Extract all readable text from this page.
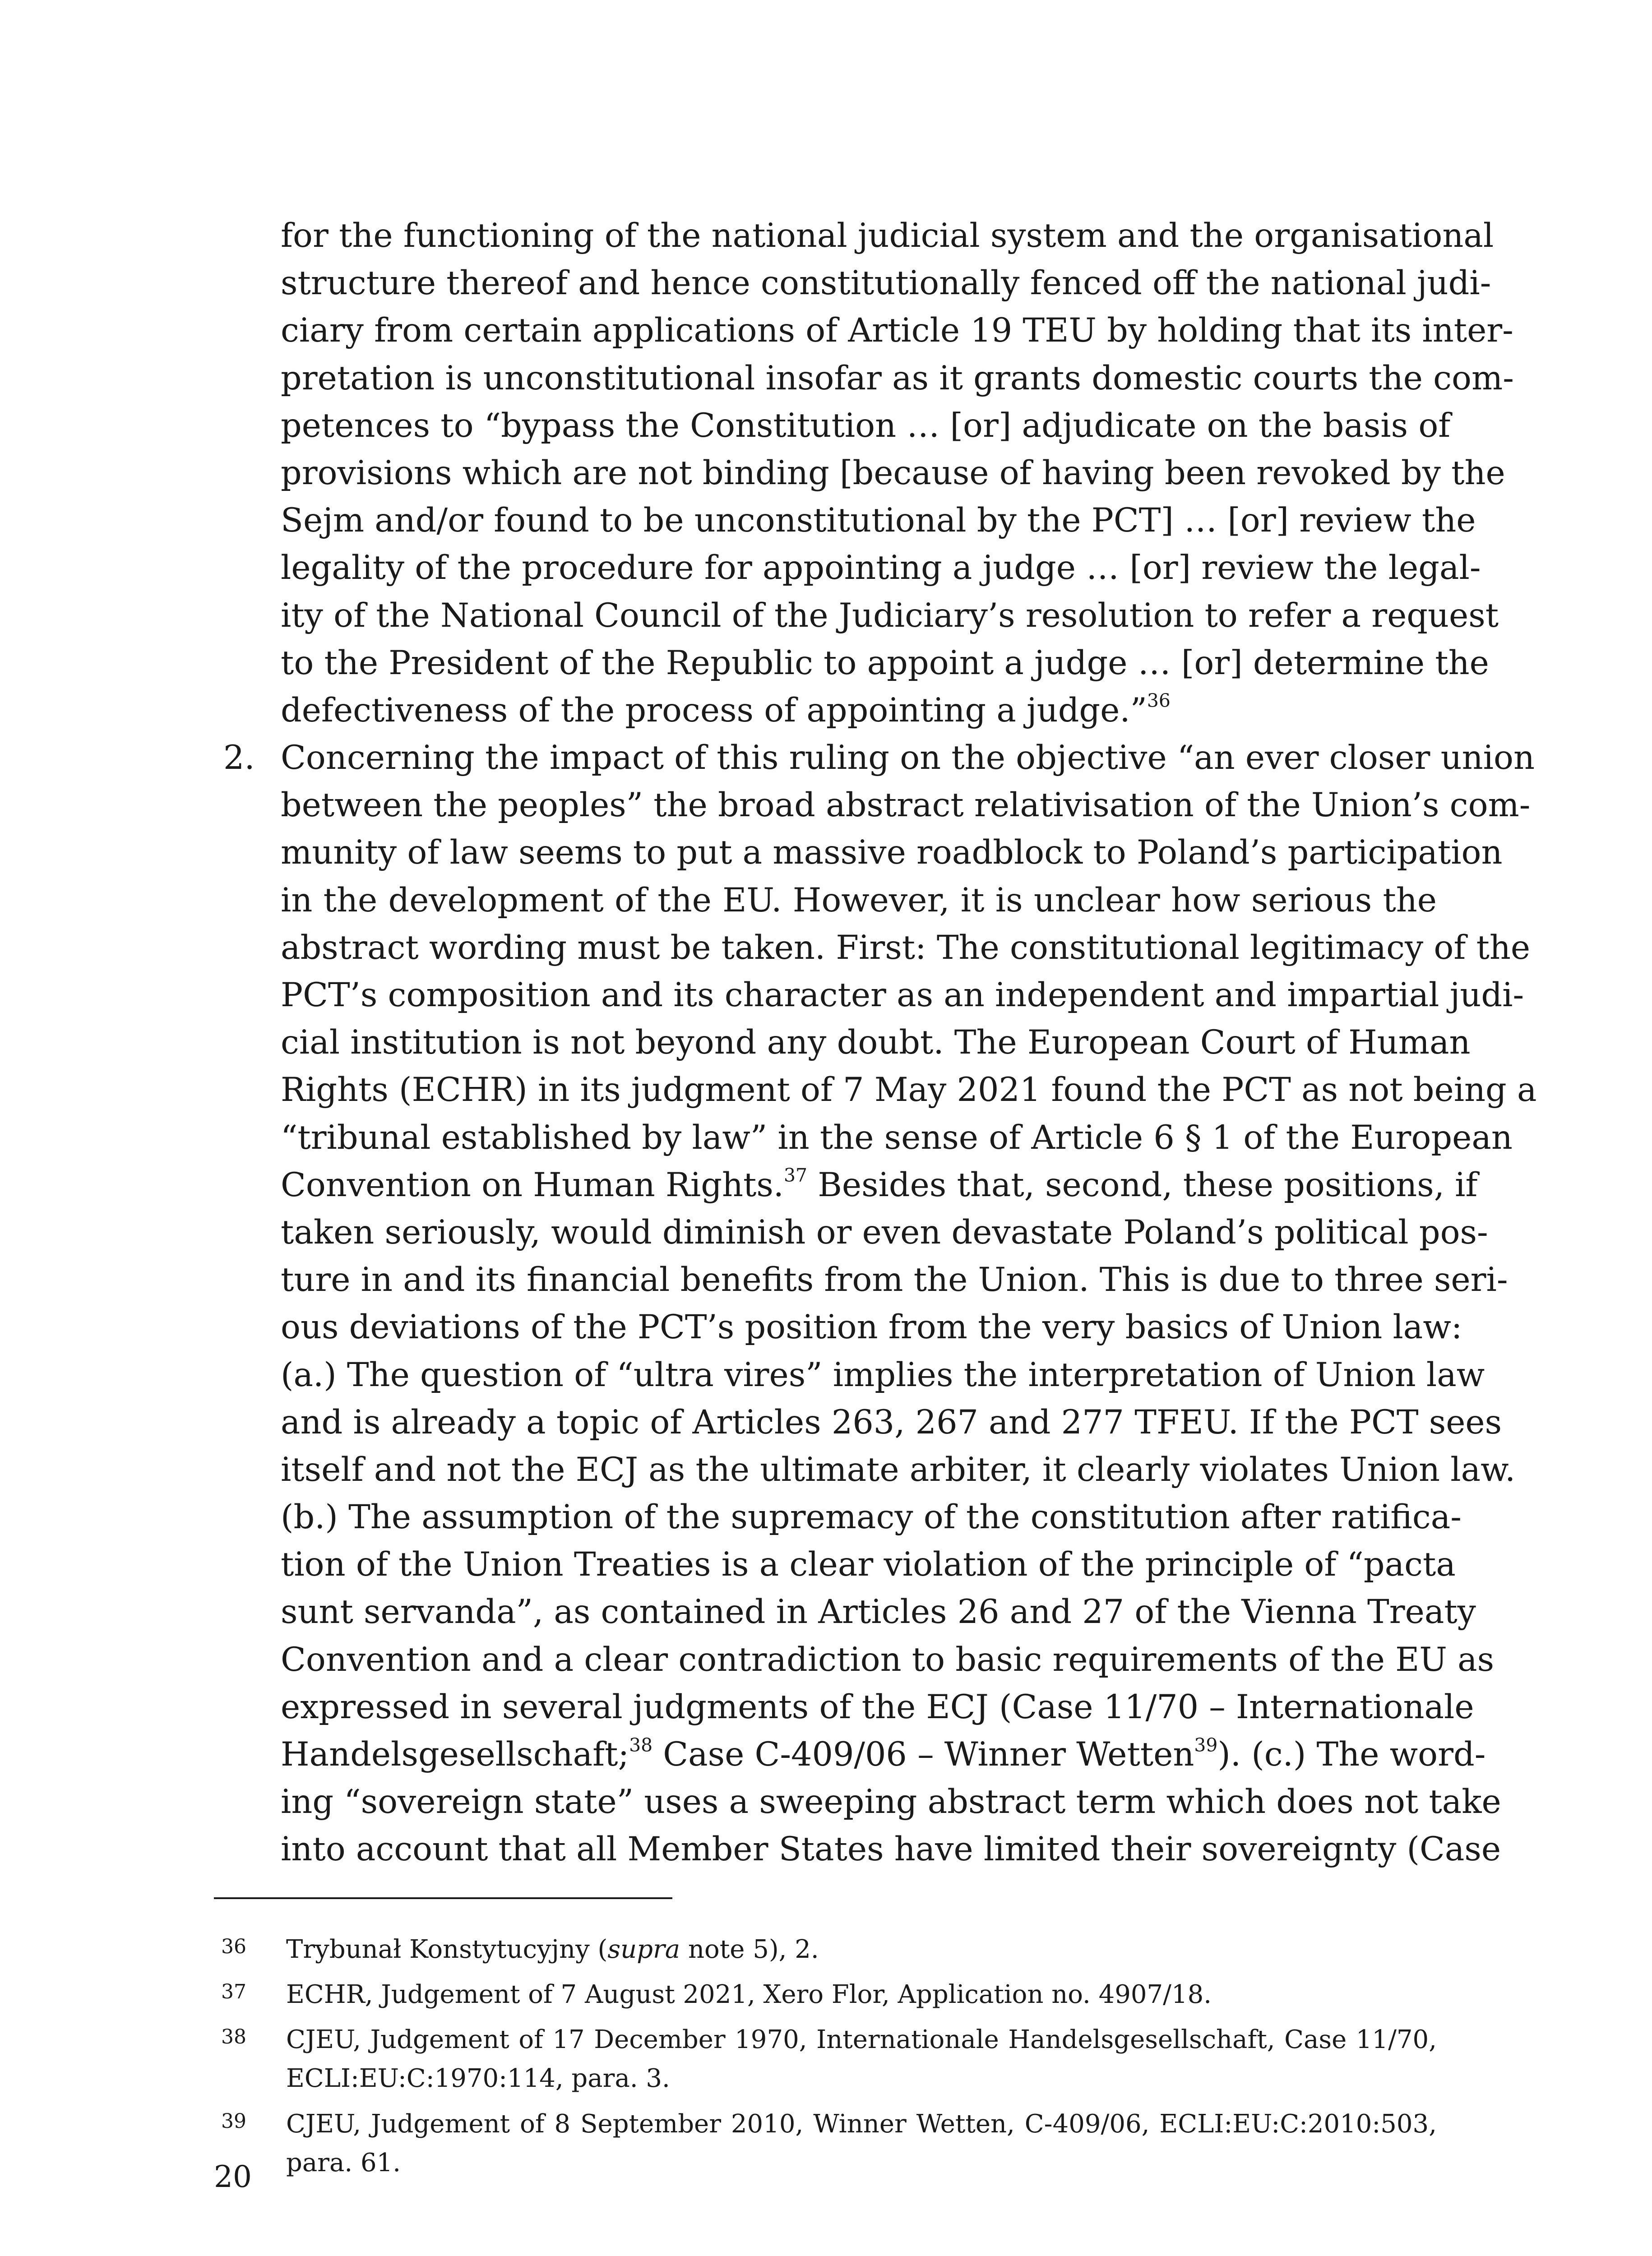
for the functioning of the national judicial system and the organisational
structure thereof and hence constitutionally fenced off the national judi-
ciary from certain applications of Article 19 TEU by holding that its inter-
pretation is unconstitutional insofar as it grants domestic courts the com-
petences to “bypass the Constitution … [or] adjudicate on the basis of
provisions which are not binding [because of having been revoked by the
Sejm and/or found to be unconstitutional by the PCT] … [or] review the
legality of the procedure for appointing a judge … [or] review the legal-
ity of the National Council of the Judiciary’s resolution to refer a request
to the President of the Republic to appoint a judge … [or] determine the
defectiveness of the process of appointing a judge.”$^{36}$
2. Concerning the impact of this ruling on the objective “an ever closer union
between the peoples” the broad abstract relativisation of the Union’s com-
munity of law seems to put a massive roadblock to Poland’s participation
in the development of the EU. However, it is unclear how serious the
abstract wording must be taken. First: The constitutional legitimacy of the
PCT’s composition and its character as an independent and impartial judi-
cial institution is not beyond any doubt. The European Court of Human
Rights (ECHR) in its judgment of 7 May 2021 found the PCT as not being a
“tribunal established by law” in the sense of Article 6 § 1 of the European
Convention on Human Rights.$^{37}$ Besides that, second, these positions, if
taken seriously, would diminish or even devastate Poland’s political pos-
ture in and its financial benefits from the Union. This is due to three seri-
ous deviations of the PCT’s position from the very basics of Union law:
(a.) The question of “ultra vires” implies the interpretation of Union law
and is already a topic of Articles 263, 267 and 277 TFEU. If the PCT sees
itself and not the ECJ as the ultimate arbiter, it clearly violates Union law.
(b.) The assumption of the supremacy of the constitution after ratifica-
tion of the Union Treaties is a clear violation of the principle of “pacta
sunt servanda”, as contained in Articles 26 and 27 of the Vienna Treaty
Convention and a clear contradiction to basic requirements of the EU as
expressed in several judgments of the ECJ (Case 11/70 – Internationale
Handelsgesellschaft;$^{38}$ Case C-409/06 – Winner Wetten$^{39}$). (c.) The word-
ing “sovereign state” uses a sweeping abstract term which does not take
into account that all Member States have limited their sovereignty (Case
36 Trybunał Konstytucyjny (supra note 5), 2.
37 ECHR, Judgement of 7 August 2021, Xero Flor, Application no. 4907/18.
38 CJEU, Judgement of 17 December 1970, Internationale Handelsgesellschaft, Case 11/70,
ECLI:EU:C:1970:114, para. 3.
39 CJEU, Judgement of 8 September 2010, Winner Wetten, C-409/06, ECLI:EU:C:2010:503,
para. 61.
20
